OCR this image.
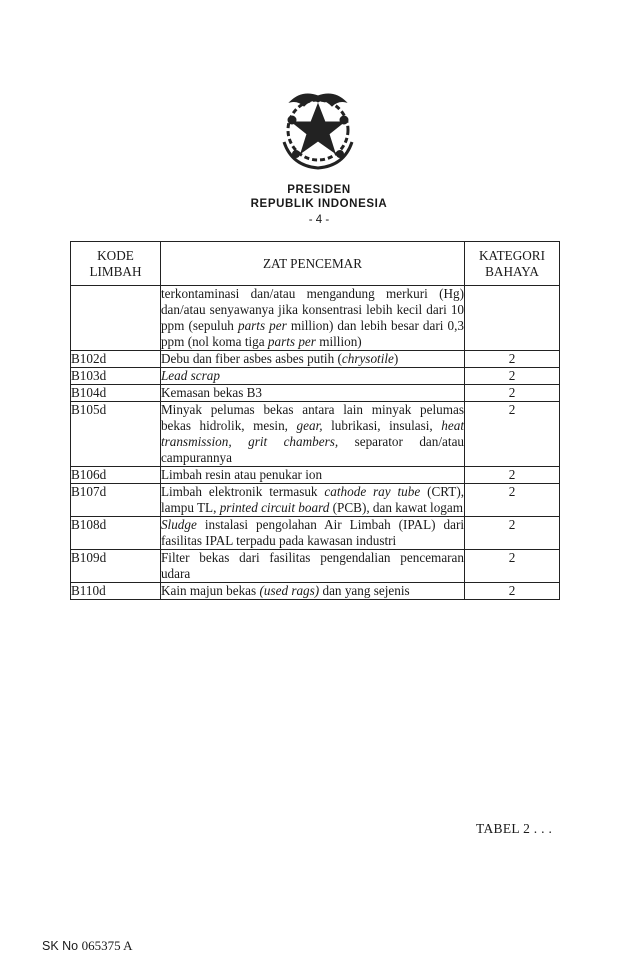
PRESIDEN
REPUBLIK INDONESIA
- 4 -
KODE LIMBAH	ZAT PENCEMAR	KATEGORI BAHAYA
	terkontaminasi dan/atau mengandung merkuri (Hg) dan/atau senyawanya jika konsentrasi lebih kecil dari 10 ppm (sepuluh parts per million) dan lebih besar dari 0,3 ppm (nol koma tiga parts per million)	
B102d	Debu dan fiber asbes asbes putih (chrysotile)	2
B103d	Lead scrap	2
B104d	Kemasan bekas B3	2
B105d	Minyak pelumas bekas antara lain minyak pelumas bekas hidrolik, mesin, gear, lubrikasi, insulasi, heat transmission, grit chambers, separator dan/atau campurannya	2
B106d	Limbah resin atau penukar ion	2
B107d	Limbah elektronik termasuk cathode ray tube (CRT), lampu TL, printed circuit board (PCB), dan kawat logam	2
B108d	Sludge instalasi pengolahan Air Limbah (IPAL) dari fasilitas IPAL terpadu pada kawasan industri	2
B109d	Filter bekas dari fasilitas pengendalian pencemaran udara	2
B110d	Kain majun bekas (used rags) dan yang sejenis	2
TABEL 2 . . .
SK No 065375 A
